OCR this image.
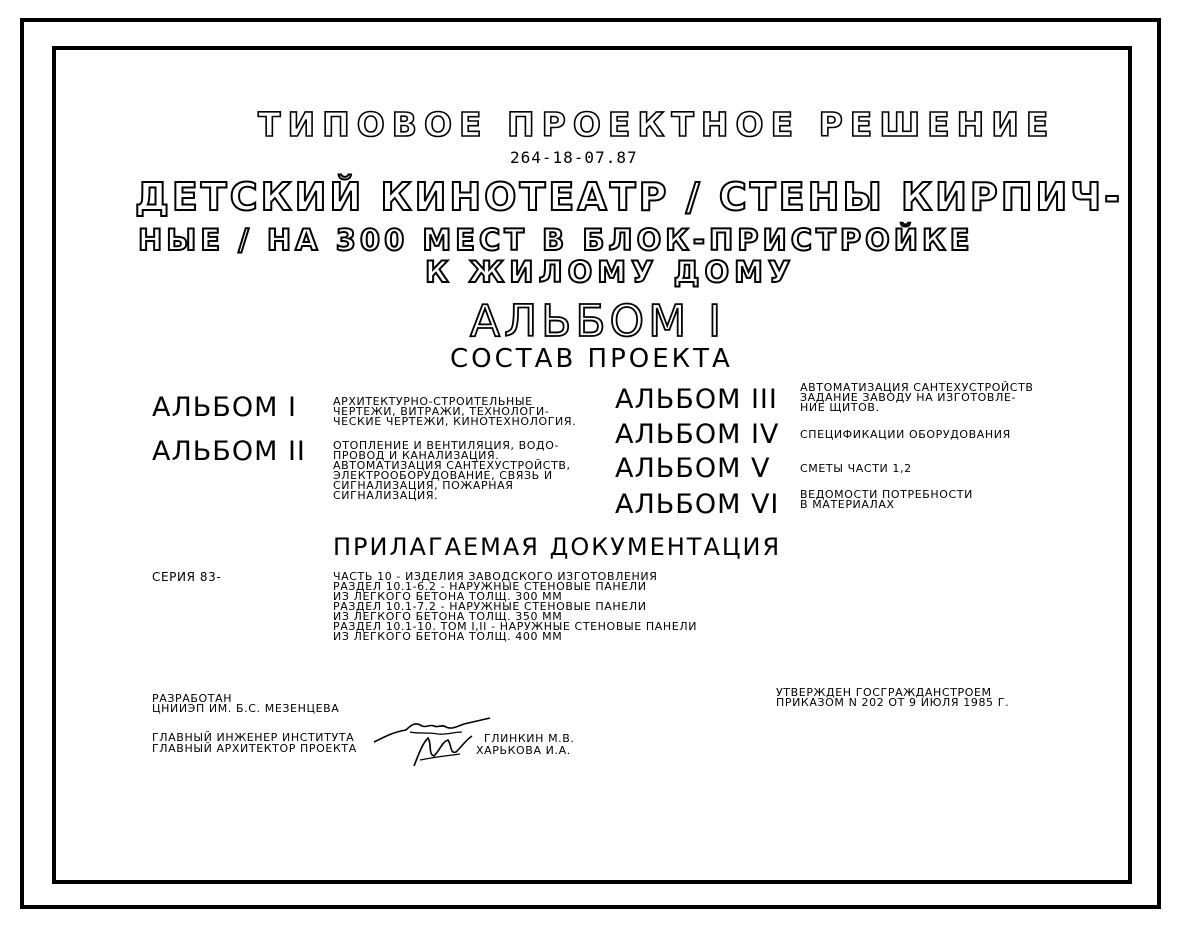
ТИПОВОЕ ПРОЕКТНОЕ РЕШЕНИЕ
264-18-07.87
ДЕТСКИЙ КИНОТЕАТР / СТЕНЫ КИРПИЧ-
НЫЕ / НА 300 МЕСТ В БЛОК-ПРИСТРОЙКЕ
К ЖИЛОМУ ДОМУ
АЛЬБОМ I
СОСТАВ ПРОЕКТА
АЛЬБОМ I	АРХИТЕКТУРНО-СТРОИТЕЛЬНЫЕ
ЧЕРТЕЖИ, ВИТРАЖИ, ТЕХНОЛОГИ-
ЧЕСКИЕ ЧЕРТЕЖИ, КИНОТЕХНОЛОГИЯ.
АЛЬБОМ II ОТОПЛЕНИЕ И ВЕНТИЛЯЦИЯ, ВОДО-
ПРОВОД И КАНАЛИЗАЦИЯ.
АВТОМАТИЗАЦИЯ САНТЕХУСТРОЙСТВ,
ЭЛЕКТРООБОРУДОВАНИЕ, СВЯЗЬ И
СИГНАЛИЗАЦИЯ, ПОЖАРНАЯ
СИГНАЛИЗАЦИЯ.
АЛЬБОМ III АВТОМАТИЗАЦИЯ САНТЕХУСТРОЙСТВ
ЗАДАНИЕ ЗАВОДУ НА ИЗГОТОВЛЕ-
НИЕ ЩИТОВ.
АЛЬБОМ IV СПЕЦИФИКАЦИИ ОБОРУДОВАНИЯ
АЛЬБОМ V	СМЕТЫ ЧАСТИ 1,2
АЛЬБОМ VI ВЕДОМОСТИ ПОТРЕБНОСТИ
В МАТЕРИАЛАХ
ПРИЛАГАЕМАЯ ДОКУМЕНТАЦИЯ
СЕРИЯ 83-	ЧАСТЬ 10 - ИЗДЕЛИЯ ЗАВОДСКОГО ИЗГОТОВЛЕНИЯ
РАЗДЕЛ 10.1-6.2 - НАРУЖНЫЕ СТЕНОВЫЕ ПАНЕЛИ
ИЗ ЛЕГКОГО БЕТОНА ТОЛЩ. 300 ММ
РАЗДЕЛ 10.1-7.2 - НАРУЖНЫЕ СТЕНОВЫЕ ПАНЕЛИ
ИЗ ЛЕГКОГО БЕТОНА ТОЛЩ. 350 ММ
РАЗДЕЛ 10.1-10. ТОМ I,II - НАРУЖНЫЕ СТЕНОВЫЕ ПАНЕЛИ
ИЗ ЛЕГКОГО БЕТОНА ТОЛЩ. 400 ММ
РАЗРАБОТАН
ЦНИИЭП ИМ. Б.С. МЕЗЕНЦЕВА
УТВЕРЖДЕН ГОСГРАЖДАНСТРОЕМ
ПРИКАЗОМ N 202 ОТ 9 ИЮЛЯ 1985 Г.
ГЛАВНЫЙ ИНЖЕНЕР ИНСТИТУТА
ГЛАВНЫЙ АРХИТЕКТОР ПРОЕКТА
ГЛИНКИН М.В.
ХАРЬКОВА И.А.
